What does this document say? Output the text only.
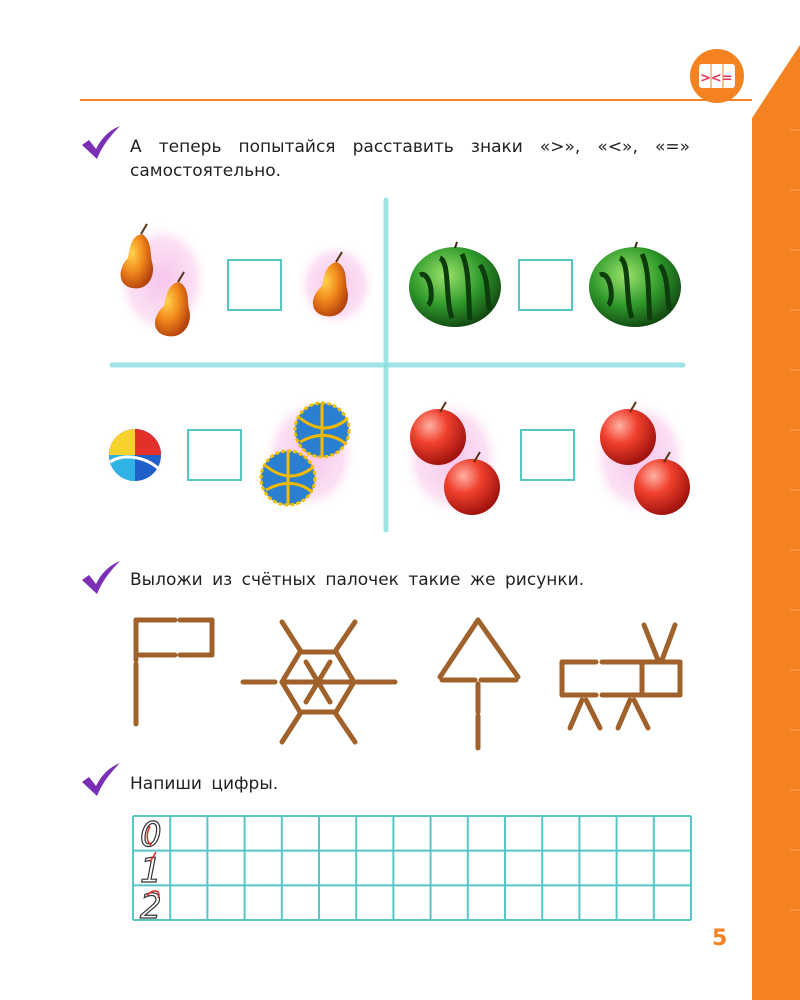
><=
А теперь попытайся расставить знаки «>», «<», «=» самостоятельно.
Выложи из счётных палочек такие же рисунки.
Напиши цифры.
0
1
2
5
